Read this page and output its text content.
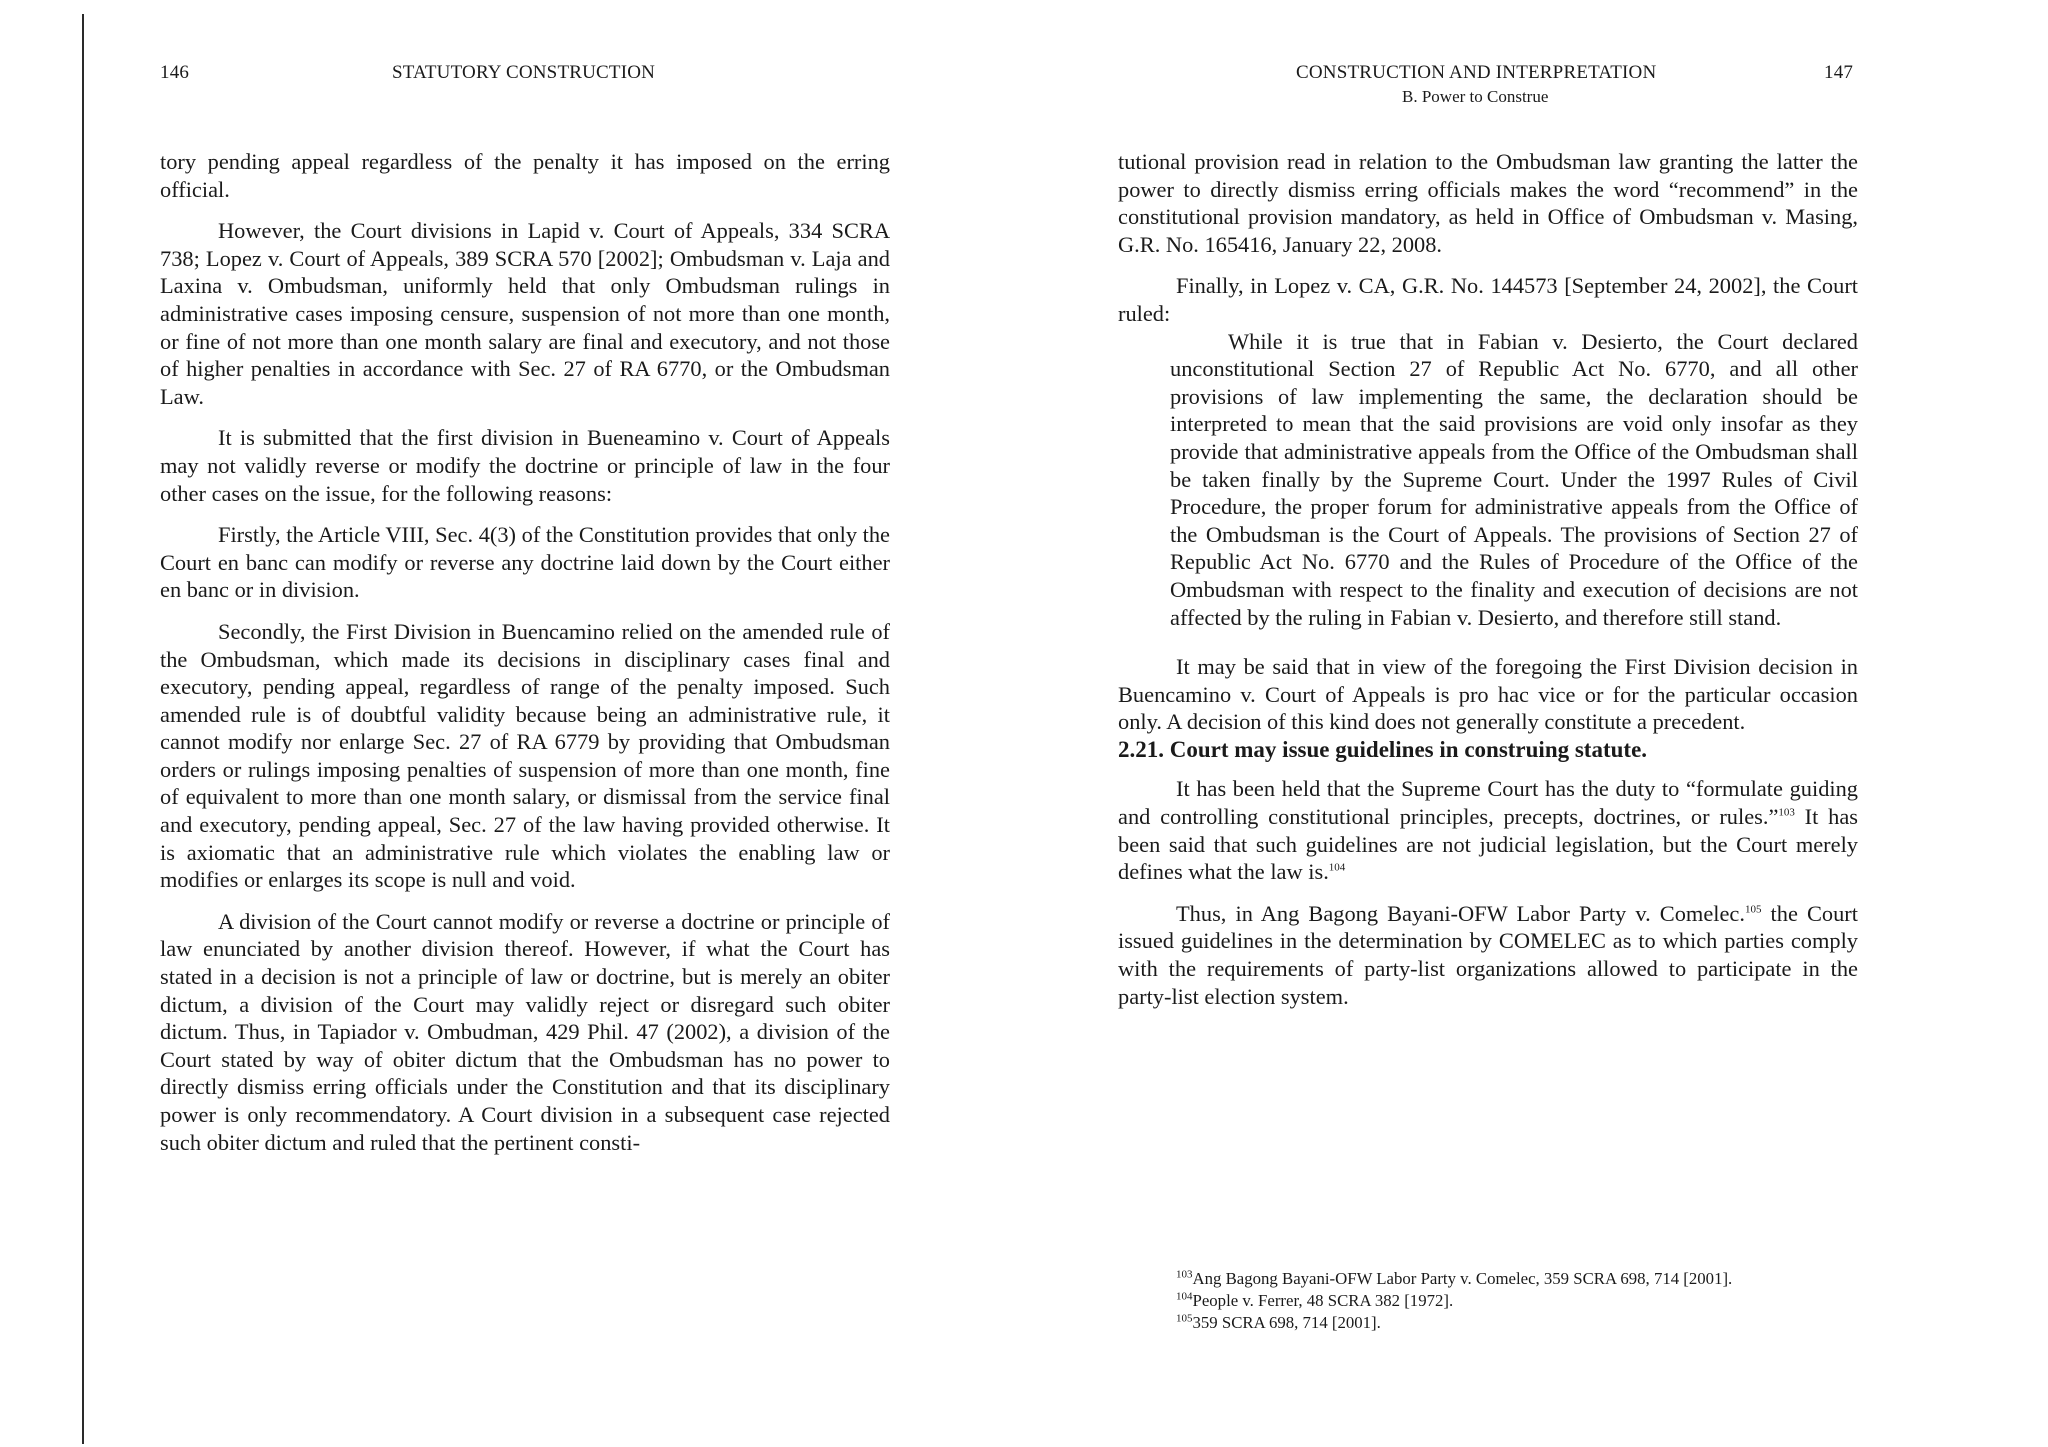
146	STATUTORY CONSTRUCTION

tory pending appeal regardless of the penalty it has imposed on the erring official.

However, the Court divisions in Lapid v. Court of Appeals, 334 SCRA 738; Lopez v. Court of Appeals, 389 SCRA 570 [2002]; Ombudsman v. Laja and Laxina v. Ombudsman, uniformly held that only Ombudsman rulings in administrative cases imposing censure, suspension of not more than one month, or fine of not more than one month salary are final and executory, and not those of higher penalties in accordance with Sec. 27 of RA 6770, or the Ombudsman Law.

It is submitted that the first division in Bueneamino v. Court of Appeals may not validly reverse or modify the doctrine or principle of law in the four other cases on the issue, for the following reasons:

Firstly, the Article VIII, Sec. 4(3) of the Constitution provides that only the Court en banc can modify or reverse any doctrine laid down by the Court either en banc or in division.

Secondly, the First Division in Buencamino relied on the amended rule of the Ombudsman, which made its decisions in disciplinary cases final and executory, pending appeal, regardless of range of the penalty imposed. Such amended rule is of doubtful validity because being an administrative rule, it cannot modify nor enlarge Sec. 27 of RA 6779 by providing that Ombudsman orders or rulings imposing penalties of suspension of more than one month, fine of equivalent to more than one month salary, or dismissal from the service final and executory, pending appeal, Sec. 27 of the law having provided otherwise. It is axiomatic that an administrative rule which violates the enabling law or modifies or enlarges its scope is null and void.

A division of the Court cannot modify or reverse a doctrine or principle of law enunciated by another division thereof. However, if what the Court has stated in a decision is not a principle of law or doctrine, but is merely an obiter dictum, a division of the Court may validly reject or disregard such obiter dictum. Thus, in Tapiador v. Ombudman, 429 Phil. 47 (2002), a division of the Court stated by way of obiter dictum that the Ombudsman has no power to directly dismiss erring officials under the Constitution and that its disciplinary power is only recommendatory. A Court division in a subsequent case rejected such obiter dictum and ruled that the pertinent consti-

CONSTRUCTION AND INTERPRETATION	147
B. Power to Construe

tutional provision read in relation to the Ombudsman law granting the latter the power to directly dismiss erring officials makes the word “recommend” in the constitutional provision mandatory, as held in Office of Ombudsman v. Masing, G.R. No. 165416, January 22, 2008.

Finally, in Lopez v. CA, G.R. No. 144573 [September 24, 2002], the Court ruled:

While it is true that in Fabian v. Desierto, the Court declared unconstitutional Section 27 of Republic Act No. 6770, and all other provisions of law implementing the same, the declaration should be interpreted to mean that the said provisions are void only insofar as they provide that administrative appeals from the Office of the Ombudsman shall be taken finally by the Supreme Court. Under the 1997 Rules of Civil Procedure, the proper forum for administrative appeals from the Office of the Ombudsman is the Court of Appeals. The provisions of Section 27 of Republic Act No. 6770 and the Rules of Procedure of the Office of the Ombudsman with respect to the finality and execution of decisions are not affected by the ruling in Fabian v. Desierto, and therefore still stand.

It may be said that in view of the foregoing the First Division decision in Buencamino v. Court of Appeals is pro hac vice or for the particular occasion only. A decision of this kind does not generally constitute a precedent.

2.21. Court may issue guidelines in construing statute.

It has been held that the Supreme Court has the duty to “formulate guiding and controlling constitutional principles, precepts, doctrines, or rules.”$^{103}$ It has been said that such guidelines are not judicial legislation, but the Court merely defines what the law is.$^{104}$

Thus, in Ang Bagong Bayani-OFW Labor Party v. Comelec.$^{105}$ the Court issued guidelines in the determination by COMELEC as to which parties comply with the requirements of party-list organizations allowed to participate in the party-list election system.

$^{103}$Ang Bagong Bayani-OFW Labor Party v. Comelec, 359 SCRA 698, 714 [2001].

$^{104}$People v. Ferrer, 48 SCRA 382 [1972].

$^{105}$359 SCRA 698, 714 [2001].
